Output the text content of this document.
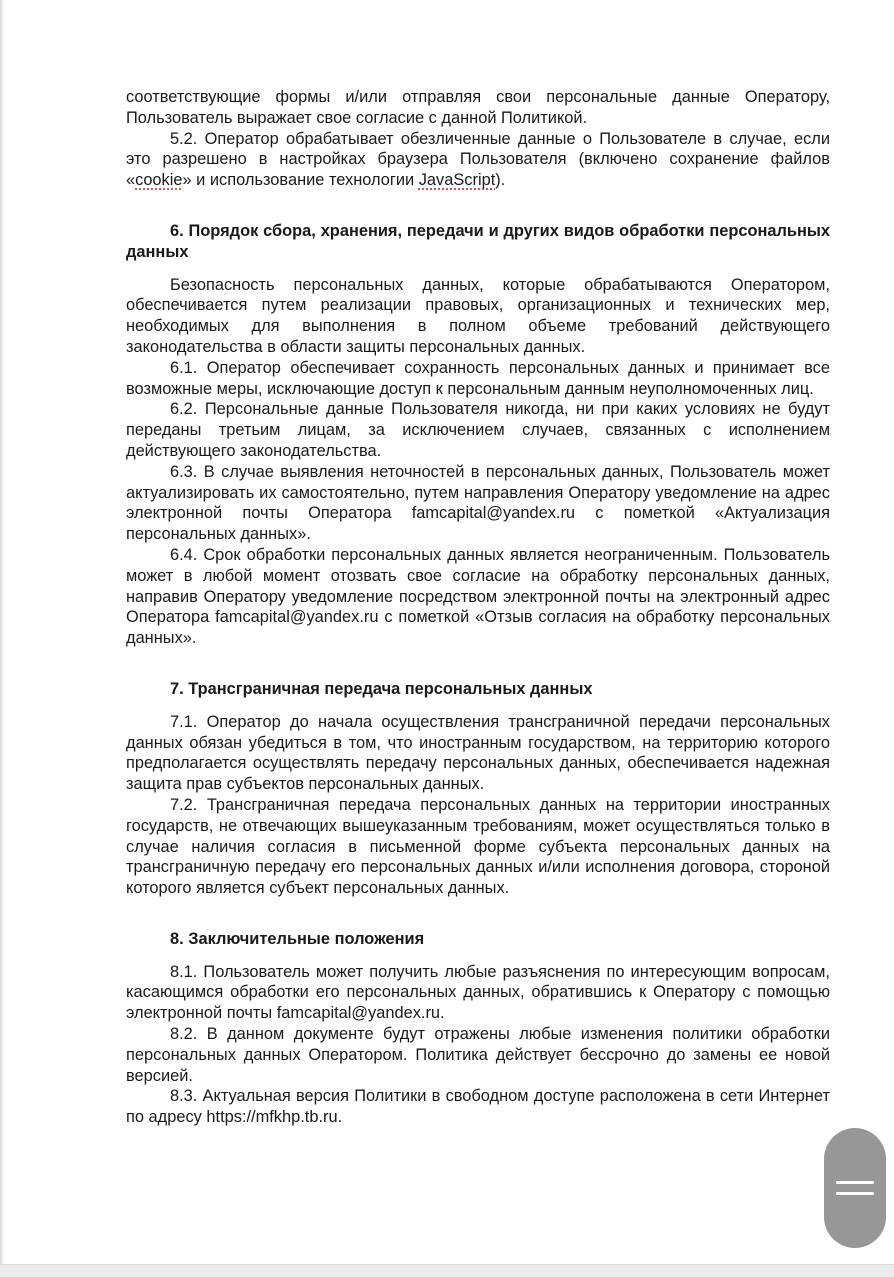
соответствующие формы и/или отправляя свои персональные данные Оператору, Пользователь выражает свое согласие с данной Политикой.

5.2. Оператор обрабатывает обезличенные данные о Пользователе в случае, если это разрешено в настройках браузера Пользователя (включено сохранение файлов «cookie» и использование технологии JavaScript).

6. Порядок сбора, хранения, передачи и других видов обработки персональных данных

Безопасность персональных данных, которые обрабатываются Оператором, обеспечивается путем реализации правовых, организационных и технических мер, необходимых для выполнения в полном объеме требований действующего законодательства в области защиты персональных данных.

6.1. Оператор обеспечивает сохранность персональных данных и принимает все возможные меры, исключающие доступ к персональным данным неуполномоченных лиц.

6.2. Персональные данные Пользователя никогда, ни при каких условиях не будут переданы третьим лицам, за исключением случаев, связанных с исполнением действующего законодательства.

6.3. В случае выявления неточностей в персональных данных, Пользователь может актуализировать их самостоятельно, путем направления Оператору уведомление на адрес электронной почты Оператора famcapital@yandex.ru с пометкой «Актуализация персональных данных».

6.4. Срок обработки персональных данных является неограниченным. Пользователь может в любой момент отозвать свое согласие на обработку персональных данных, направив Оператору уведомление посредством электронной почты на электронный адрес Оператора famcapital@yandex.ru с пометкой «Отзыв согласия на обработку персональных данных».

7. Трансграничная передача персональных данных

7.1. Оператор до начала осуществления трансграничной передачи персональных данных обязан убедиться в том, что иностранным государством, на территорию которого предполагается осуществлять передачу персональных данных, обеспечивается надежная защита прав субъектов персональных данных.

7.2. Трансграничная передача персональных данных на территории иностранных государств, не отвечающих вышеуказанным требованиям, может осуществляться только в случае наличия согласия в письменной форме субъекта персональных данных на трансграничную передачу его персональных данных и/или исполнения договора, стороной которого является субъект персональных данных.

8. Заключительные положения

8.1. Пользователь может получить любые разъяснения по интересующим вопросам, касающимся обработки его персональных данных, обратившись к Оператору с помощью электронной почты famcapital@yandex.ru.

8.2. В данном документе будут отражены любые изменения политики обработки персональных данных Оператором. Политика действует бессрочно до замены ее новой версией.

8.3. Актуальная версия Политики в свободном доступе расположена в сети Интернет по адресу https://mfkhp.tb.ru.
